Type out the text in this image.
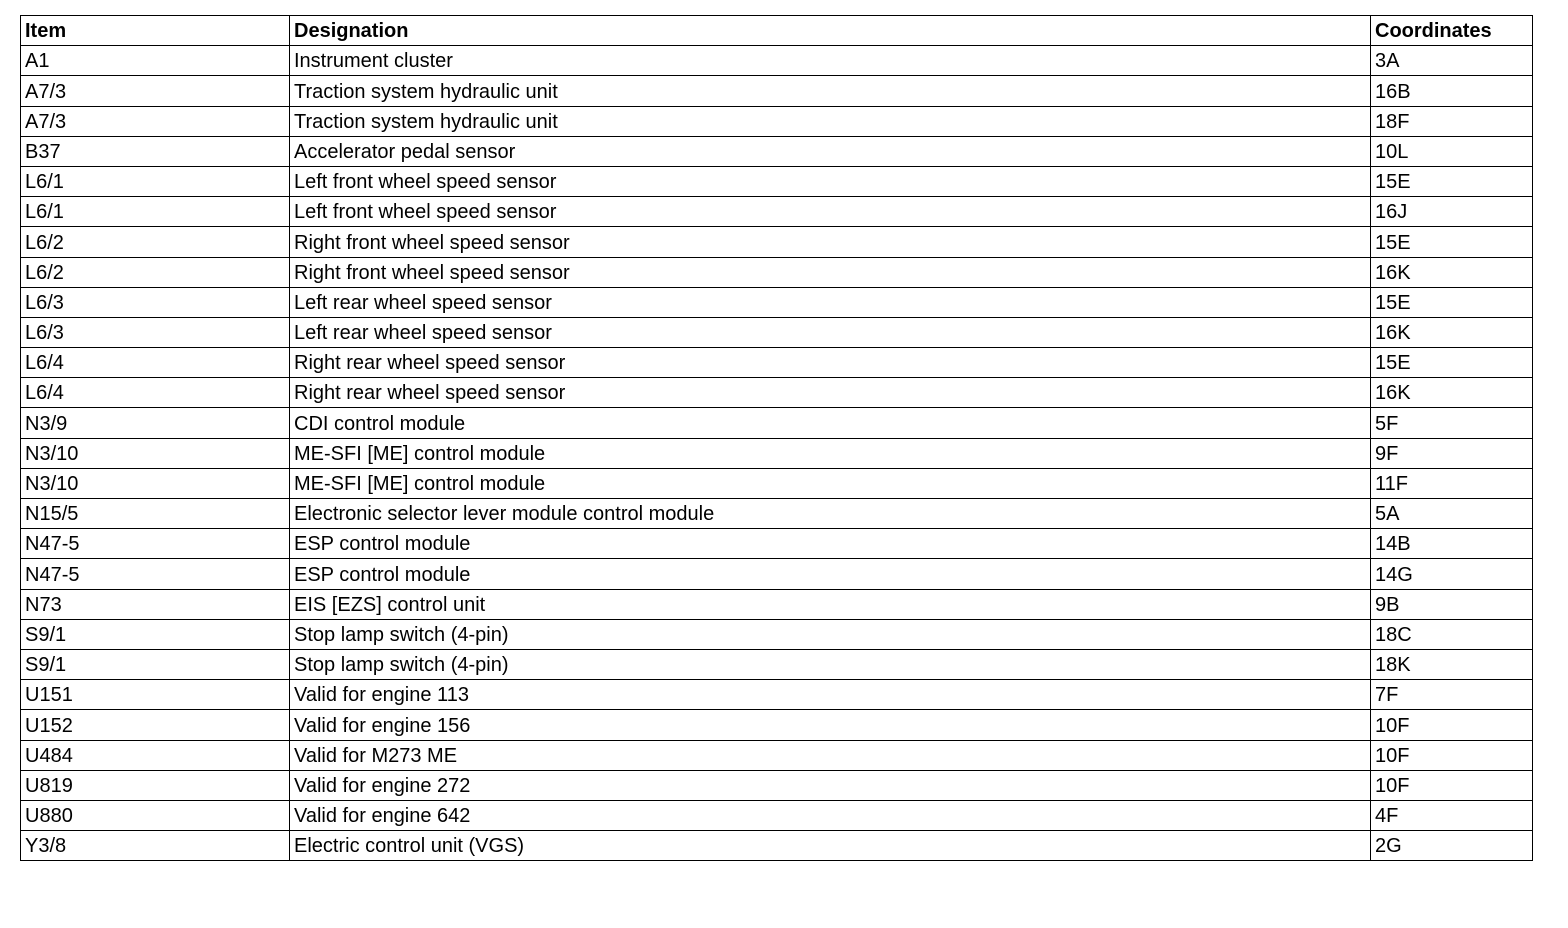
Item	Designation	Coordinates
A1	Instrument cluster	3A
A7/3	Traction system hydraulic unit	16B
A7/3	Traction system hydraulic unit	18F
B37	Accelerator pedal sensor	10L
L6/1	Left front wheel speed sensor	15E
L6/1	Left front wheel speed sensor	16J
L6/2	Right front wheel speed sensor	15E
L6/2	Right front wheel speed sensor	16K
L6/3	Left rear wheel speed sensor	15E
L6/3	Left rear wheel speed sensor	16K
L6/4	Right rear wheel speed sensor	15E
L6/4	Right rear wheel speed sensor	16K
N3/9	CDI control module	5F
N3/10	ME-SFI [ME] control module	9F
N3/10	ME-SFI [ME] control module	11F
N15/5	Electronic selector lever module control module	5A
N47-5	ESP control module	14B
N47-5	ESP control module	14G
N73	EIS [EZS] control unit	9B
S9/1	Stop lamp switch (4-pin)	18C
S9/1	Stop lamp switch (4-pin)	18K
U151	Valid for engine 113	7F
U152	Valid for engine 156	10F
U484	Valid for M273 ME	10F
U819	Valid for engine 272	10F
U880	Valid for engine 642	4F
Y3/8	Electric control unit (VGS)	2G
